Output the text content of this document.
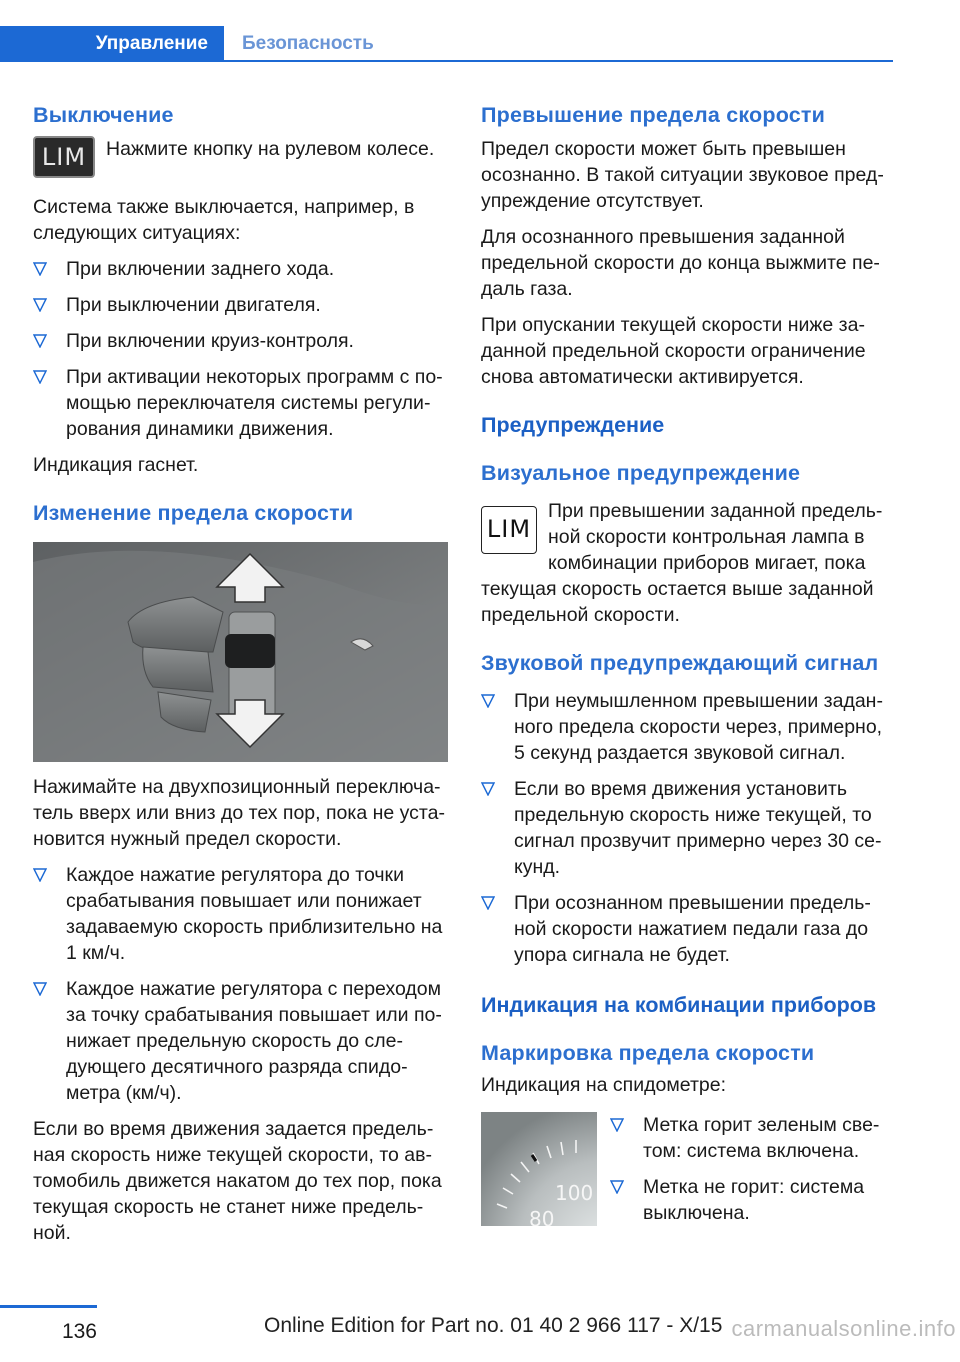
Управление	Безопасность
Выключение
LIM	Нажмите кнопку на рулевом колесе.

Система также выключается, например, в следующих ситуациях:

При включении заднего хода.
При выключении двигателя.
При включении круиз-контроля.
При активации некоторых программ с помощью переключателя системы регулирования динамики движения.

Индикация гаснет.

Изменение предела скорости

Нажимайте на двухпозиционный переключатель вверх или вниз до тех пор, пока не установится нужный предел скорости.

Каждое нажатие регулятора до точки срабатывания повышает или понижает задаваемую скорость приблизительно на 1 км/ч.
Каждое нажатие регулятора с переходом за точку срабатывания повышает или понижает предельную скорость до следующего десятичного разряда спидометра (км/ч).

Если во время движения задается предельная скорость ниже текущей скорости, то автомобиль движется накатом до тех пор, пока текущая скорость не станет ниже предельной.

Превышение предела скорости

Предел скорости может быть превышен осознанно. В такой ситуации звуковое предупреждение отсутствует.

Для осознанного превышения заданной предельной скорости до конца выжмите педаль газа.

При опускании текущей скорости ниже заданной предельной скорости ограничение снова автоматически активируется.

Предупреждение
Визуальное предупреждение
LIM

При превышении заданной предельной скорости контрольная лампа в комбинации приборов мигает, пока

текущая скорость остается выше заданной предельной скорости.

Звуковой предупреждающий сигнал
При неумышленном превышении заданного предела скорости через, примерно, 5 секунд раздается звуковой сигнал.
Если во время движения установить предельную скорость ниже текущей, то сигнал прозвучит примерно через 30 секунд.
При осознанном превышении предельной скорости нажатием педали газа до упора сигнала не будет.
Индикация на комбинации приборов
Маркировка предела скорости

Индикация на спидометре:

100
80
Метка горит зеленым светом: система включена.
Метка не горит: система выключена.
136	Online Edition for Part no. 01 40 2 966 117 - X/15 carmanualsonline.info
